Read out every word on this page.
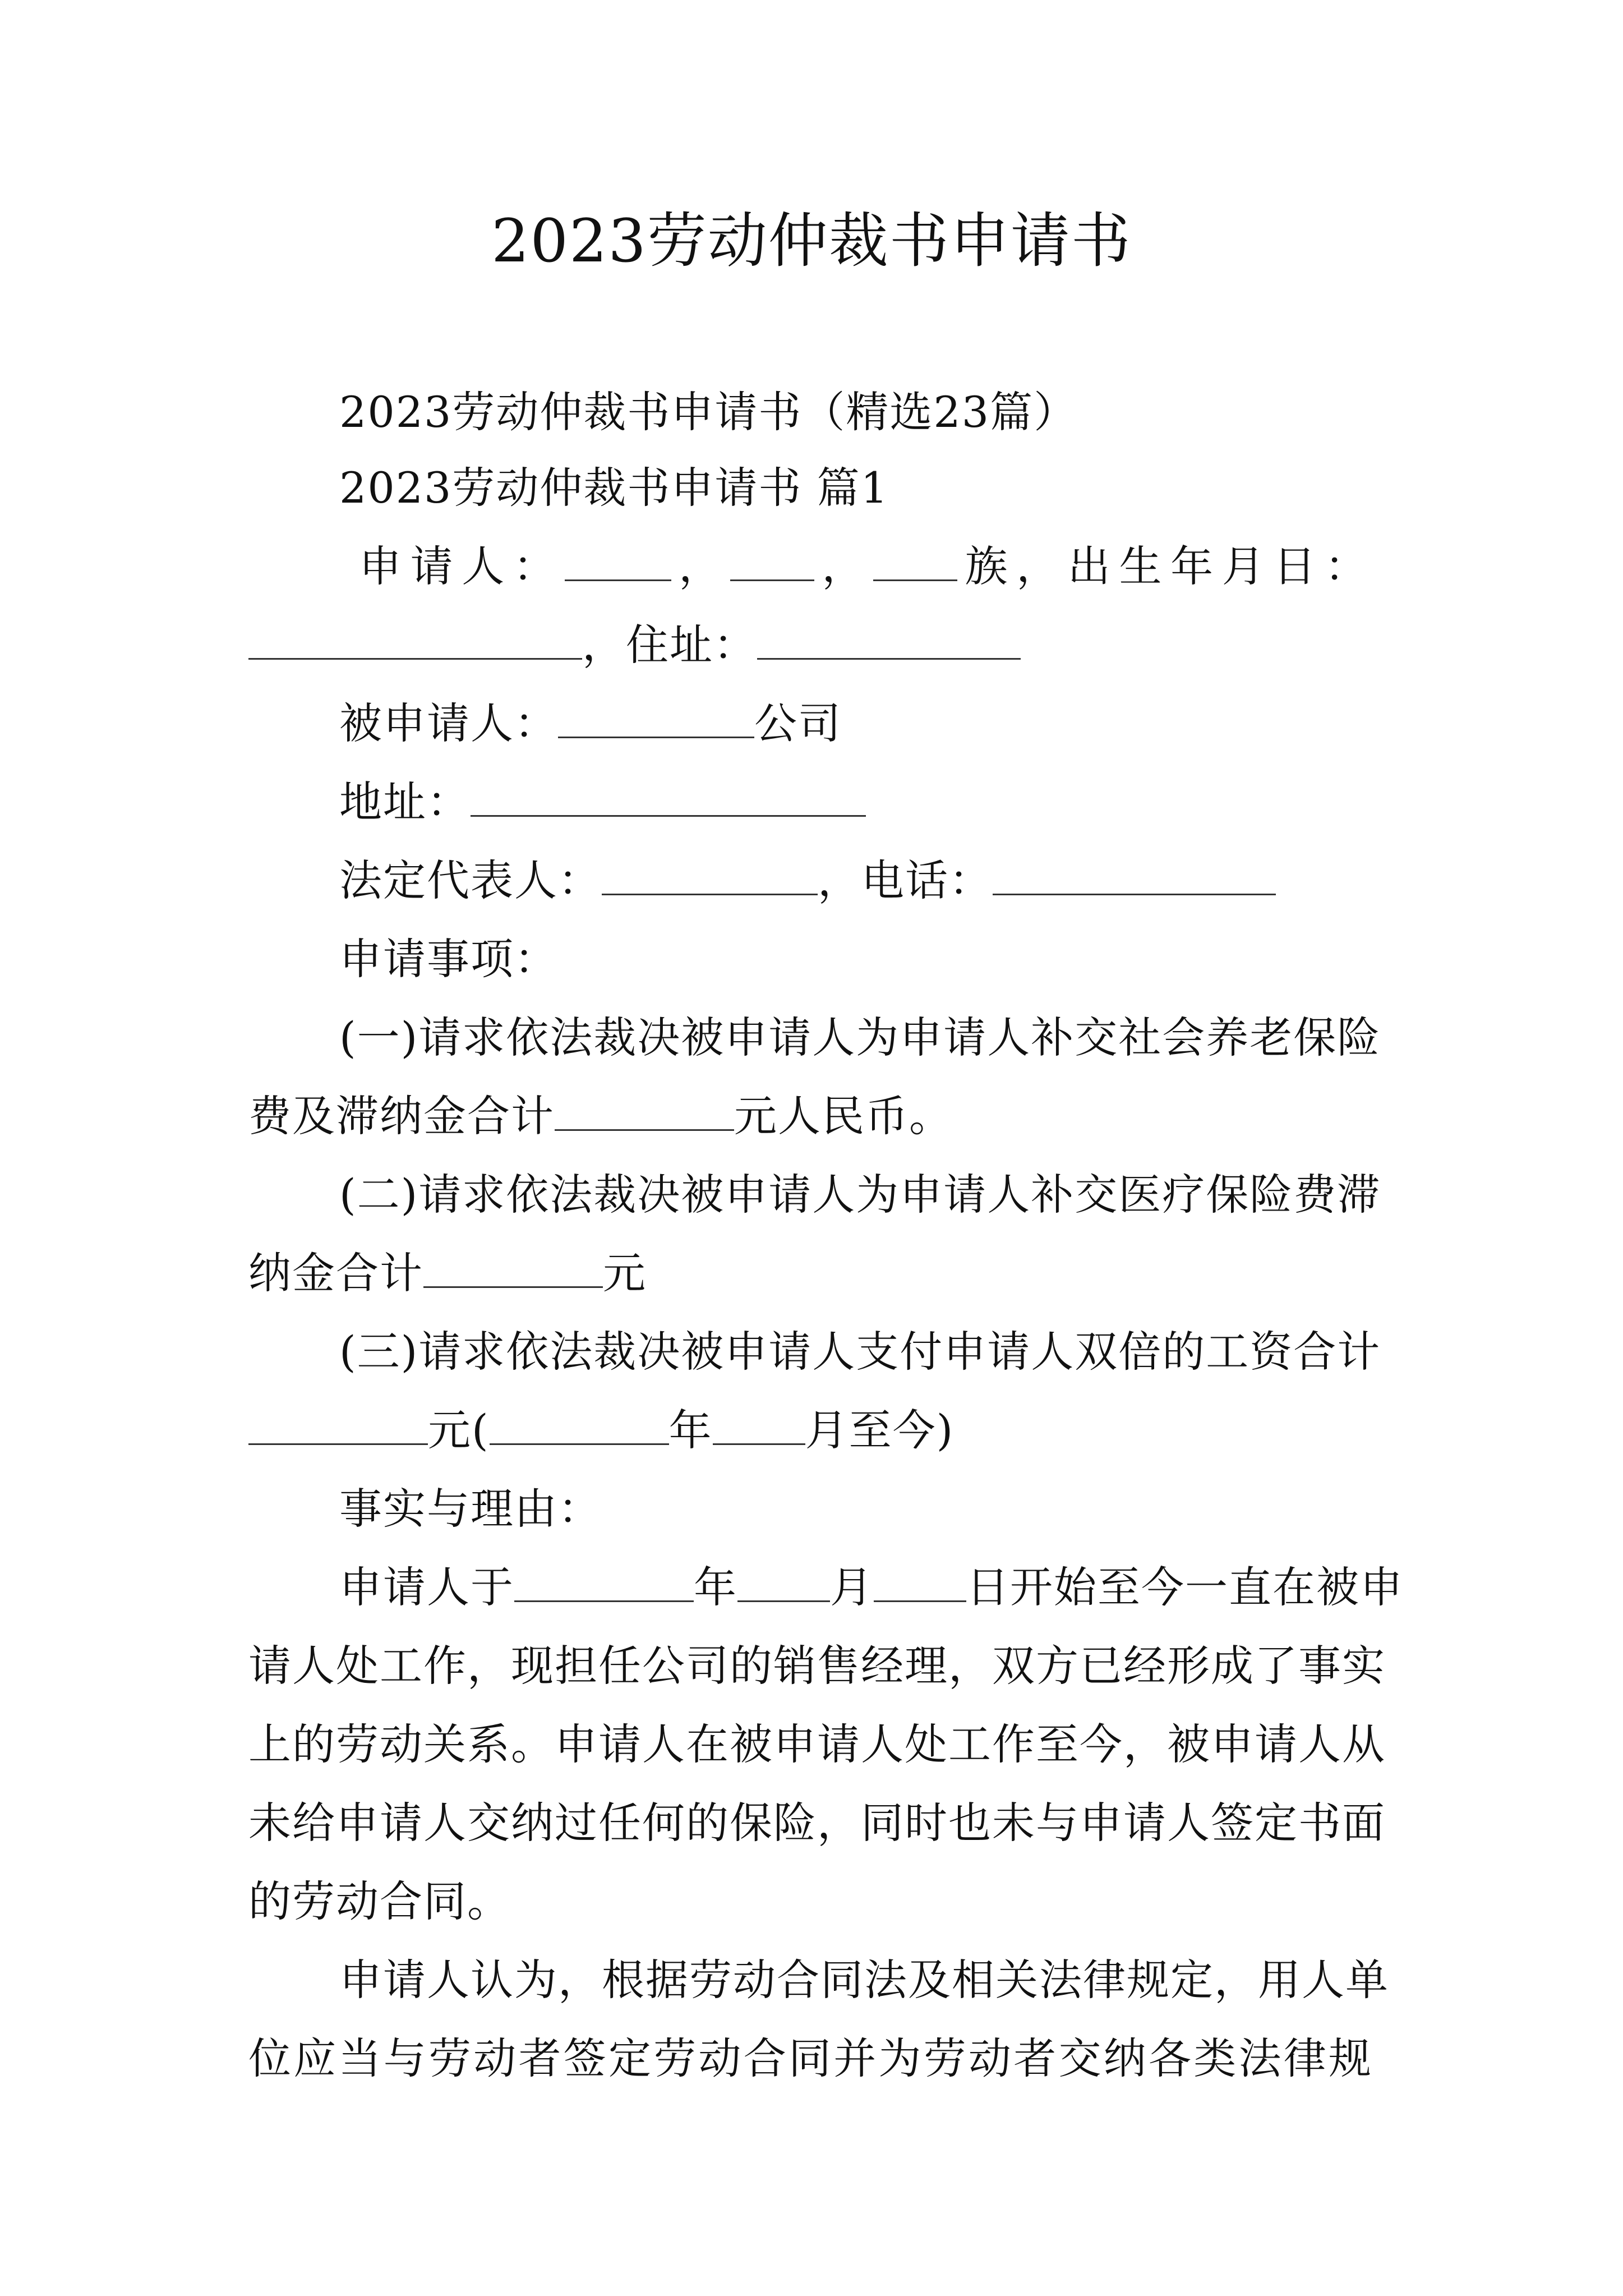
2023劳动仲裁书申请书
2023劳动仲裁书申请书（精选23篇）
2023劳动仲裁书申请书 篇1
申请人：	， ， 族，出生年月日：
，住址：
被申请人：	公司
地址：
法定代表人：	，电话：
申请事项：
(一)请求依法裁决被申请人为申请人补交社会养老保险
费及滞纳金合计	元人民币。
(二)请求依法裁决被申请人为申请人补交医疗保险费滞
纳金合计	元
(三)请求依法裁决被申请人支付申请人双倍的工资合计
元(	年 月至今)
事实与理由：
申请人于	年 月 日开始至今一直在被申
请人处工作，现担任公司的销售经理，双方已经形成了事实
上的劳动关系。申请人在被申请人处工作至今，被申请人从
未给申请人交纳过任何的保险，同时也未与申请人签定书面
的劳动合同。
申请人认为，根据劳动合同法及相关法律规定，用人单
位应当与劳动者签定劳动合同并为劳动者交纳各类法律规
